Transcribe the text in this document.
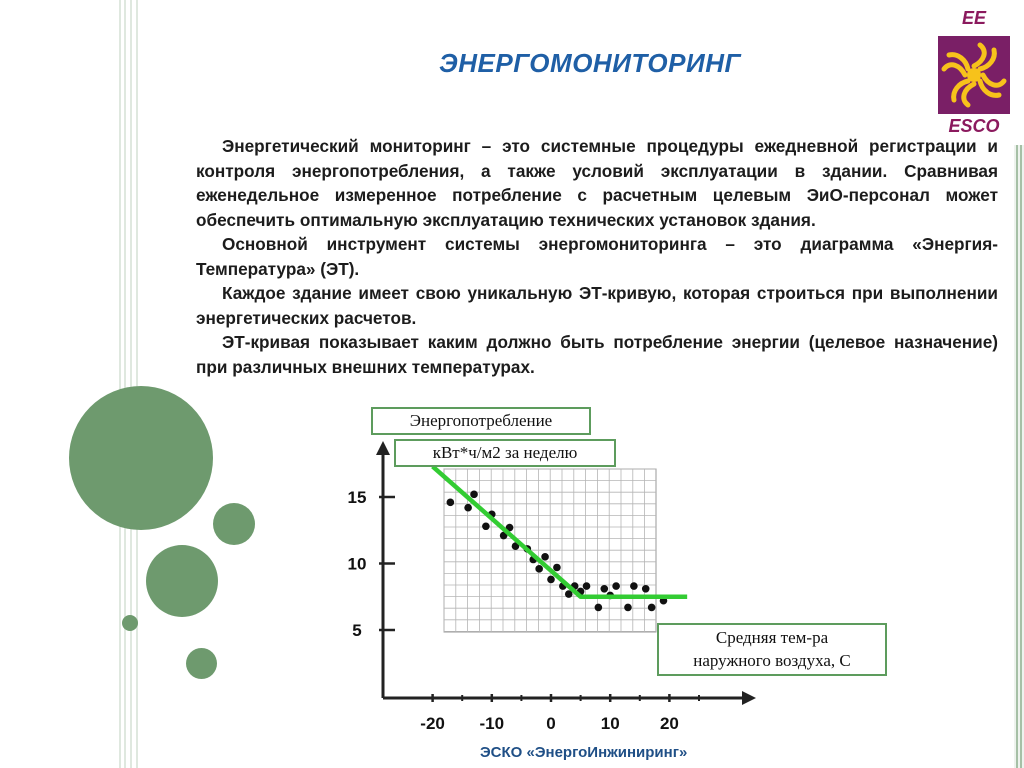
ЭНЕРГОМОНИТОРИНГ
EE
ESCO

Энергетический мониторинг – это системные процедуры ежедневной регистрации и контроля энергопотребления, а также условий эксплуатации в здании. Сравнивая еженедельное измеренное потребление с расчетным целевым ЭиО-персонал может обеспечить оптимальную эксплуатацию технических установок здания.

Основной инструмент системы энергомониторинга – это диаграмма «Энергия-Температура» (ЭТ).

Каждое здание имеет свою уникальную ЭТ-кривую, которая строиться при выполнении энергетических расчетов.

ЭТ-кривая показывает каким должно быть потребление энергии (целевое назначение) при различных внешних температурах.

-20 -10 0	10 20
5
10
15
Энергопотребление
кВт*ч/м2 за неделю
Средняя тем-ра
наружного воздуха, С
ЭСКО «ЭнергоИнжиниринг»
